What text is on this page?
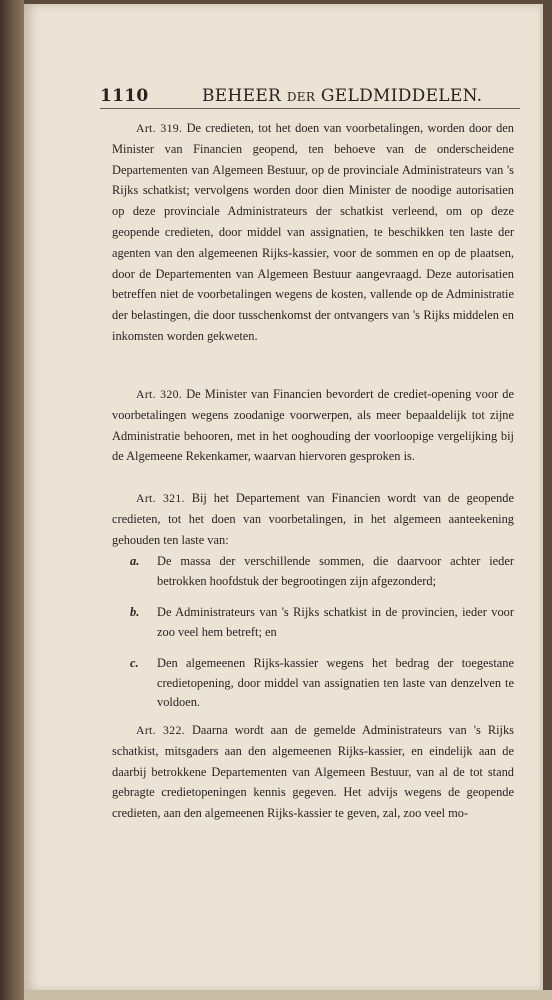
1110	BEHEER DER GELDMIDDELEN.
Art. 319. De credieten, tot het doen van voorbetalingen, worden door den Minister van Financien geopend, ten behoeve van de onderscheidene Departementen van Algemeen Bestuur, op de provinciale Administrateurs van 's Rijks schatkist; vervolgens worden door dien Minister de noodige autorisatien op deze provinciale Administrateurs der schatkist verleend, om op deze geopende credieten, door middel van assignatien, te beschikken ten laste der agenten van den algemeenen Rijks-kassier, voor de sommen en op de plaatsen, door de Departementen van Algemeen Bestuur aangevraagd. Deze autorisatien betreffen niet de voorbetalingen wegens de kosten, vallende op de Administratie der belastingen, die door tusschenkomst der ontvangers van 's Rijks middelen en inkomsten worden gekweten.
Art. 320. De Minister van Financien bevordert de crediet-opening voor de voorbetalingen wegens zoodanige voorwerpen, als meer bepaaldelijk tot zijne Administratie behooren, met in het ooghouding der voorloopige vergelijking bij de Algemeene Rekenkamer, waarvan hiervoren gesproken is.
Art. 321. Bij het Departement van Financien wordt van de geopende credieten, tot het doen van voorbetalingen, in het algemeen aanteekening gehouden ten laste van:
a. De massa der verschillende sommen, die daarvoor achter ieder betrokken hoofdstuk der begrootingen zijn afgezonderd;
b. De Administrateurs van 's Rijks schatkist in de provincien, ieder voor zoo veel hem betreft; en
c. Den algemeenen Rijks-kassier wegens het bedrag der toegestane credietopening, door middel van assignatien ten laste van denzelven te voldoen.
Art. 322. Daarna wordt aan de gemelde Administrateurs van 's Rijks schatkist, mitsgaders aan den algemeenen Rijks-kassier, en eindelijk aan de daarbij betrokkene Departementen van Algemeen Bestuur, van al de tot stand gebragte credietopeningen kennis gegeven. Het advijs wegens de geopende credieten, aan den algemeenen Rijks-kassier te geven, zal, zoo veel mo-
